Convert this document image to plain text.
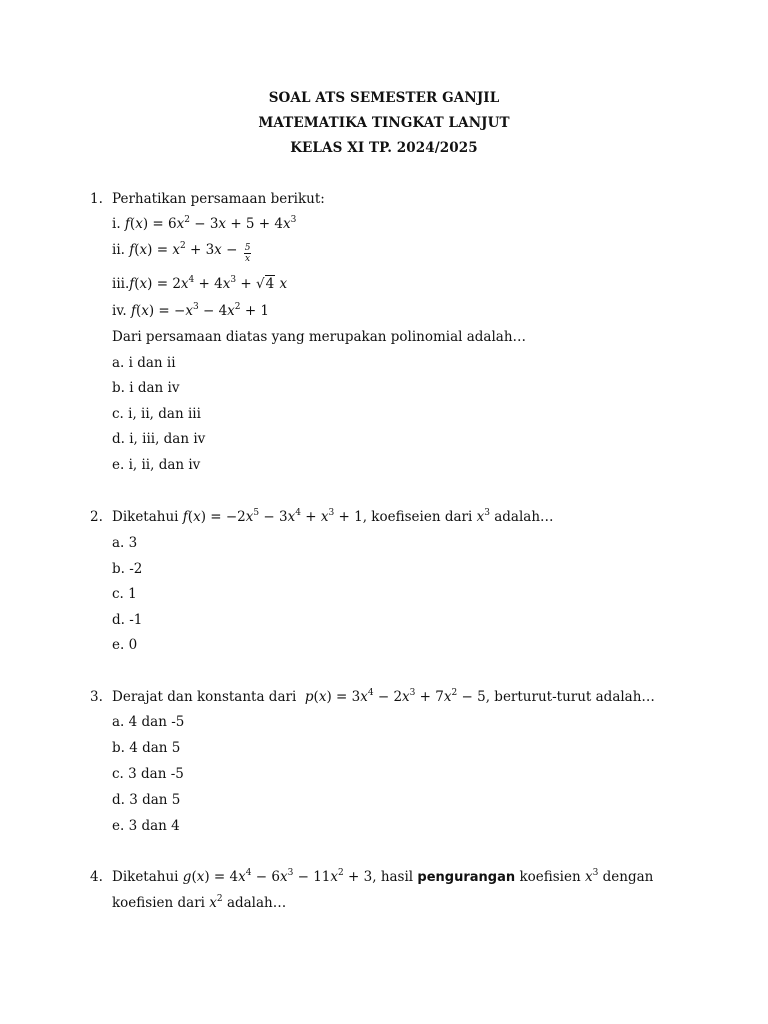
SOAL ATS SEMESTER GANJIL
MATEMATIKA TINGKAT LANJUT
KELAS XI TP. 2024/2025
1. Perhatikan persamaan berikut:
i. $f(x) = 6x^2 - 3x + 5 + 4x^3$
ii. $f(x) = x^2 + 3x - \frac{5}{x}$
$iii.f(x) = 2x^4 + 4x^3 + √4$ x
iv. $f(x) = -x^3 - 4x^2 + 1$
Dari persamaan diatas yang merupakan polinomial adalah…
a. i dan ii
b. i dan iv
c. i, ii, dan iii
d. i, iii, dan iv
e. i, ii, dan iv
2. Diketahui $f(x) = -2x^5 - 3x^4 + x^3 + 1$, koefiseien dari $x^3$ adalah…
a. 3
b. -2
c. 1
d. -1
e. 0
3. Derajat dan konstanta dari $p(x) = 3x^4 - 2x^3 + 7x^2 - 5$, berturut-turut adalah…
a. 4 dan -5
b. 4 dan 5
c. 3 dan -5
d. 3 dan 5
e. 3 dan 4
4. Diketahui $g(x) = 4x^4 - 6x^3 - 11x^2 + 3$, hasil pengurangan koefisien $x^3$ dengan
koefisien dari $x^2$ adalah…
